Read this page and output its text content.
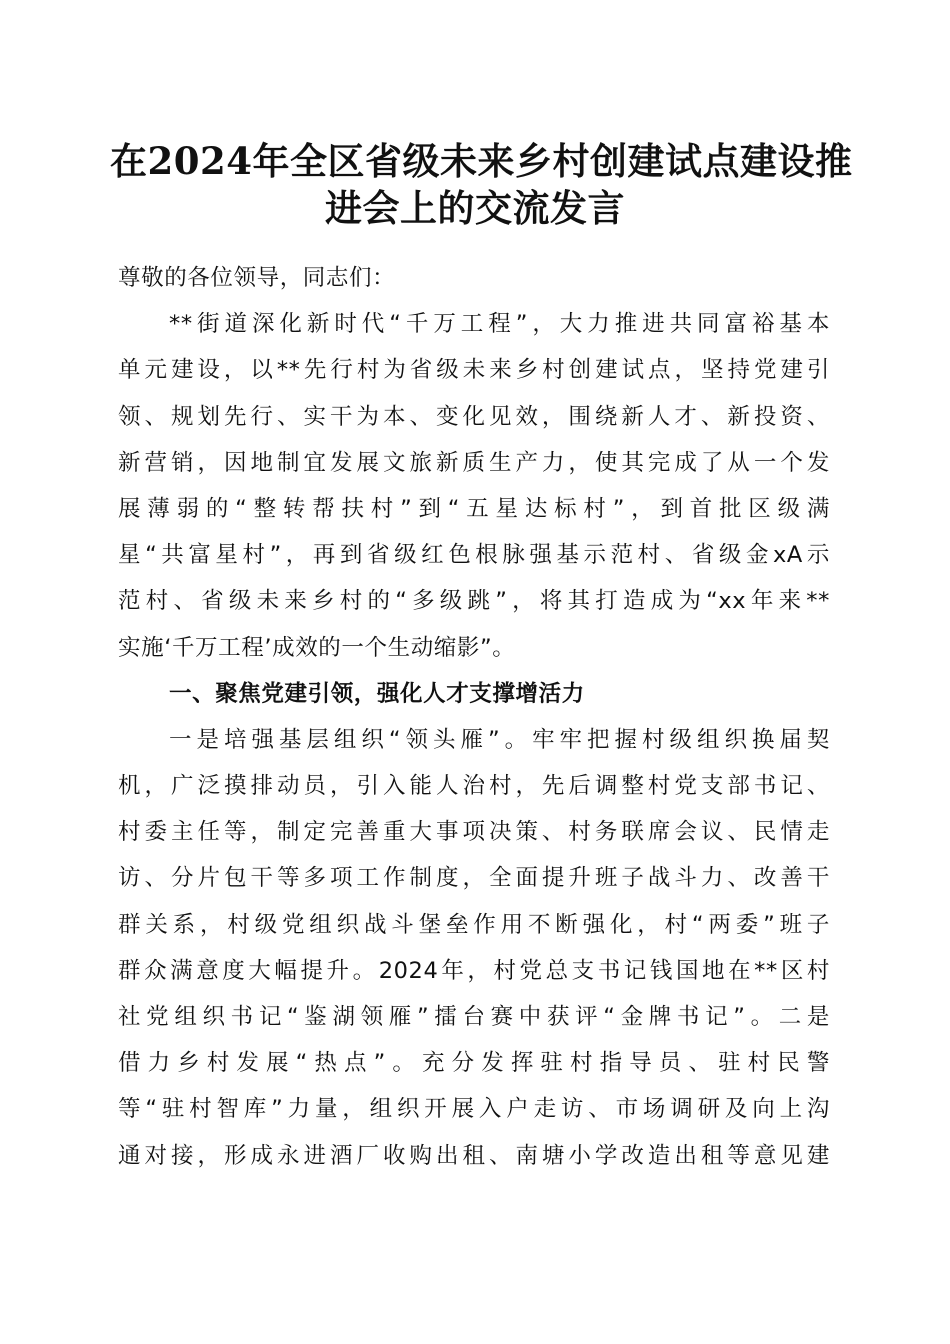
在2024年全区省级未来乡村创建试点建设推
进会上的交流发言
尊敬的各位领导，同志们：
**街道深化新时代“千万工程”，大力推进共同富裕基本
单元建设，以**先行村为省级未来乡村创建试点，坚持党建引
领、规划先行、实干为本、变化见效，围绕新人才、新投资、
新营销，因地制宜发展文旅新质生产力，使其完成了从一个发
展薄弱的“整转帮扶村”到“五星达标村”，到首批区级满
星“共富星村”，再到省级红色根脉强基示范村、省级金xA示
范村、省级未来乡村的“多级跳”，将其打造成为“xx年来**
实施‘千万工程’成效的一个生动缩影”。
一、聚焦党建引领，强化人才支撑增活力
一是培强基层组织“领头雁”。牢牢把握村级组织换届契
机，广泛摸排动员，引入能人治村，先后调整村党支部书记、
村委主任等，制定完善重大事项决策、村务联席会议、民情走
访、分片包干等多项工作制度，全面提升班子战斗力、改善干
群关系，村级党组织战斗堡垒作用不断强化，村“两委”班子
群众满意度大幅提升。2024年，村党总支书记钱国地在**区村
社党组织书记“鉴湖领雁”擂台赛中获评“金牌书记”。二是
借力乡村发展“热点”。充分发挥驻村指导员、驻村民警
等“驻村智库”力量，组织开展入户走访、市场调研及向上沟
通对接，形成永进酒厂收购出租、南塘小学改造出租等意见建
